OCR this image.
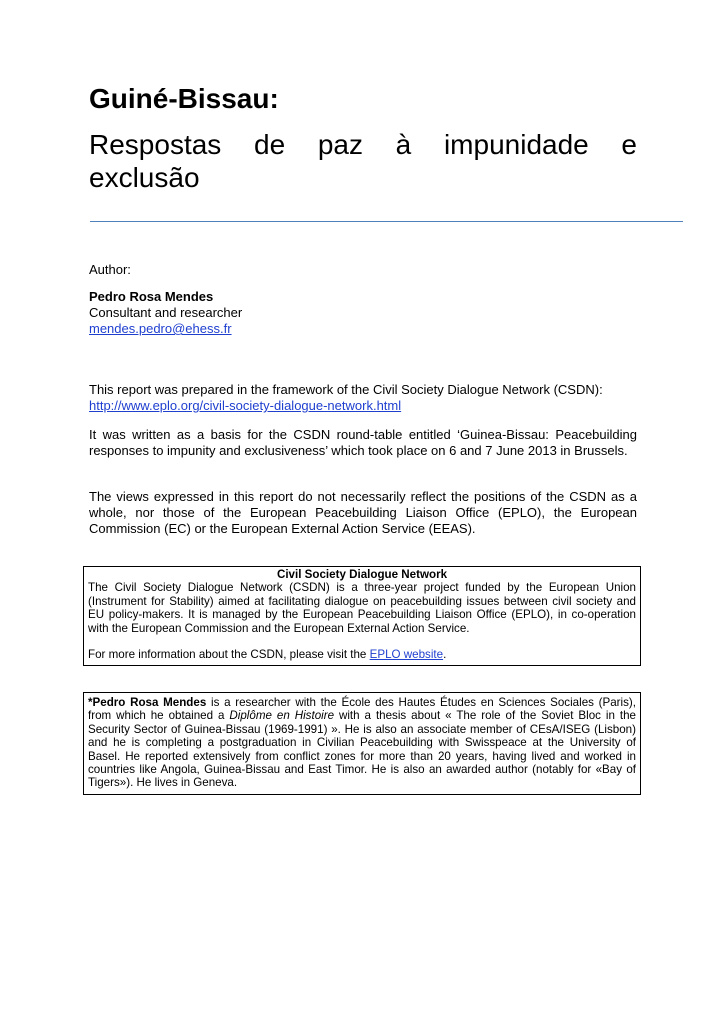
Guiné-Bissau:
Respostas de paz à impunidade e
exclusão

Author:

Pedro Rosa Mendes

Consultant and researcher

mendes.pedro@ehess.fr

This report was prepared in the framework of the Civil Society Dialogue Network (CSDN):

http://www.eplo.org/civil-society-dialogue-network.html

It was written as a basis for the CSDN round-table entitled ‘Guinea-Bissau: Peacebuilding responses to impunity and exclusiveness’ which took place on 6 and 7 June 2013 in Brussels.

The views expressed in this report do not necessarily reflect the positions of the CSDN as a whole, nor those of the European Peacebuilding Liaison Office (EPLO), the European Commission (EC) or the European External Action Service (EEAS).

Civil Society Dialogue Network

The Civil Society Dialogue Network (CSDN) is a three-year project funded by the European Union (Instrument for Stability) aimed at facilitating dialogue on peacebuilding issues between civil society and EU policy-makers. It is managed by the European Peacebuilding Liaison Office (EPLO), in co-operation with the European Commission and the European External Action Service.

For more information about the CSDN, please visit the EPLO website.

*Pedro Rosa Mendes is a researcher with the École des Hautes Études en Sciences Sociales (Paris), from which he obtained a Diplôme en Histoire with a thesis about « The role of the Soviet Bloc in the Security Sector of Guinea-Bissau (1969-1991) ». He is also an associate member of CEsA/ISEG (Lisbon) and he is completing a postgraduation in Civilian Peacebuilding with Swisspeace at the University of Basel. He reported extensively from conflict zones for more than 20 years, having lived and worked in countries like Angola, Guinea-Bissau and East Timor. He is also an awarded author (notably for «Bay of Tigers»). He lives in Geneva.
